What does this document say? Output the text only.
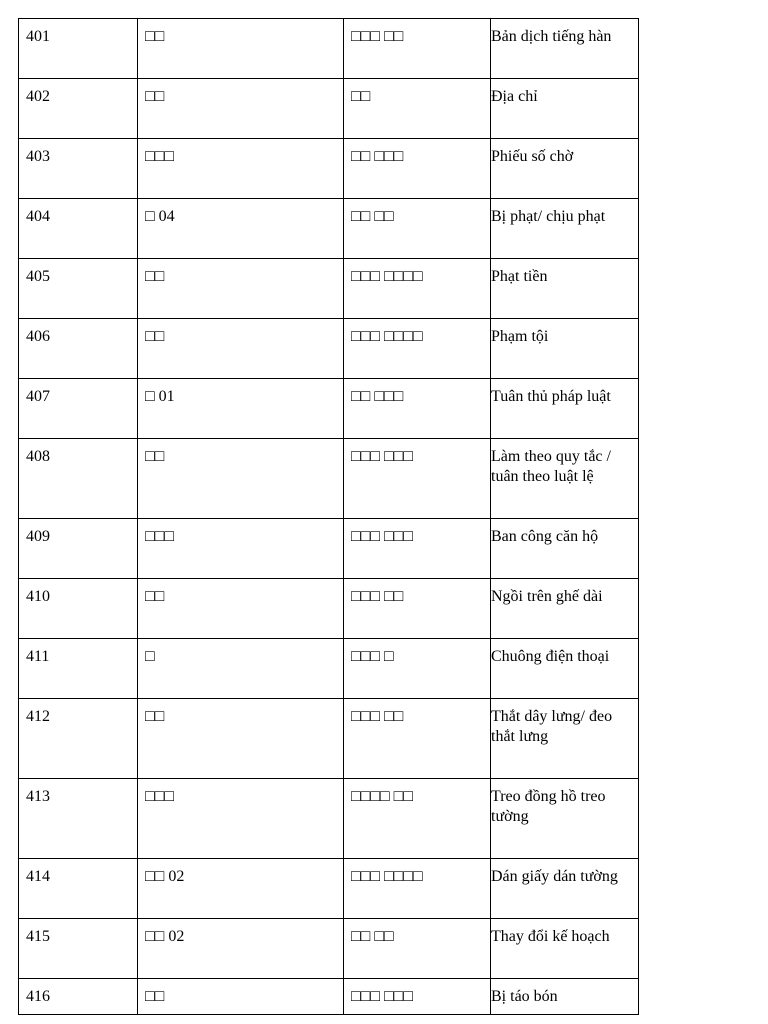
401	□□	□□□ □□	Bản dịch tiếng hàn
402	□□	□□	Địa chỉ
403	□□□	□□ □□□	Phiếu số chờ
404	□ 04	□□ □□	Bị phạt/ chịu phạt
405	□□	□□□ □□□□	Phạt tiền
406	□□	□□□ □□□□	Phạm tội
407	□ 01	□□ □□□	Tuân thủ pháp luật
408	□□	□□□ □□□	Làm theo quy tắc / tuân theo luật lệ
409	□□□	□□□ □□□	Ban công căn hộ
410	□□	□□□ □□	Ngồi trên ghế dài
411	□	□□□ □	Chuông điện thoại
412	□□	□□□ □□	Thắt dây lưng/ đeo thắt lưng
413	□□□	□□□□ □□	Treo đồng hồ treo tường
414	□□ 02	□□□ □□□□	Dán giấy dán tường
415	□□ 02	□□ □□	Thay đổi kế hoạch
416	□□	□□□ □□□	Bị táo bón
